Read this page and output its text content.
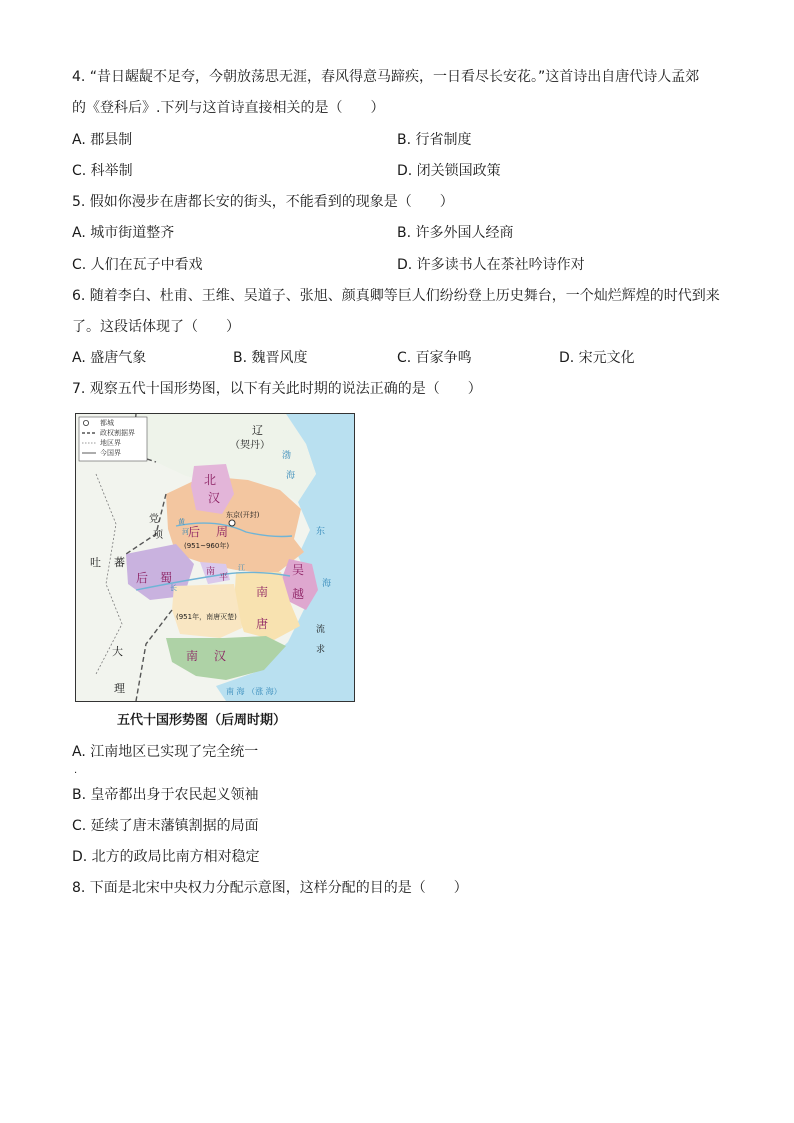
4. “昔日龌龊不足夸，今朝放荡思无涯，春风得意马蹄疾，一日看尽长安花。”这首诗出自唐代诗人孟郊
的《登科后》.下列与这首诗直接相关的是（　　）
A. 郡县制	B. 行省制度
C. 科举制	D. 闭关锁国政策
5. 假如你漫步在唐都长安的街头，不能看到的现象是（　　）
A. 城市街道整齐	B. 许多外国人经商
C. 人们在瓦子中看戏	D. 许多读书人在茶社吟诗作对
6. 随着李白、杜甫、王维、吴道子、张旭、颜真卿等巨人们纷纷登上历史舞台，一个灿烂辉煌的时代到来
了。这段话体现了（　　）
A. 盛唐气象	B. 魏晋风度	C. 百家争鸣	D. 宋元文化
7. 观察五代十国形势图，以下有关此时期的说法正确的是（　　）
都城
政权割据界
地区界
今国界
辽
（契丹）
党
项
吐 蕃
大
理
流
求
北
汉
后 周
后 蜀	南
平
吴
越
南
唐
南 汉
(951~960年)
东京(开封)
(951年，南唐灭楚)
渤
海
东
海
南 海 （涨 海）
黄
河
长
江
五代十国形势图（后周时期）
A. 江南地区已实现了完全统一
.
B. 皇帝都出身于农民起义领袖
C. 延续了唐末藩镇割据的局面
D. 北方的政局比南方相对稳定
8. 下面是北宋中央权力分配示意图，这样分配的目的是（　　）
